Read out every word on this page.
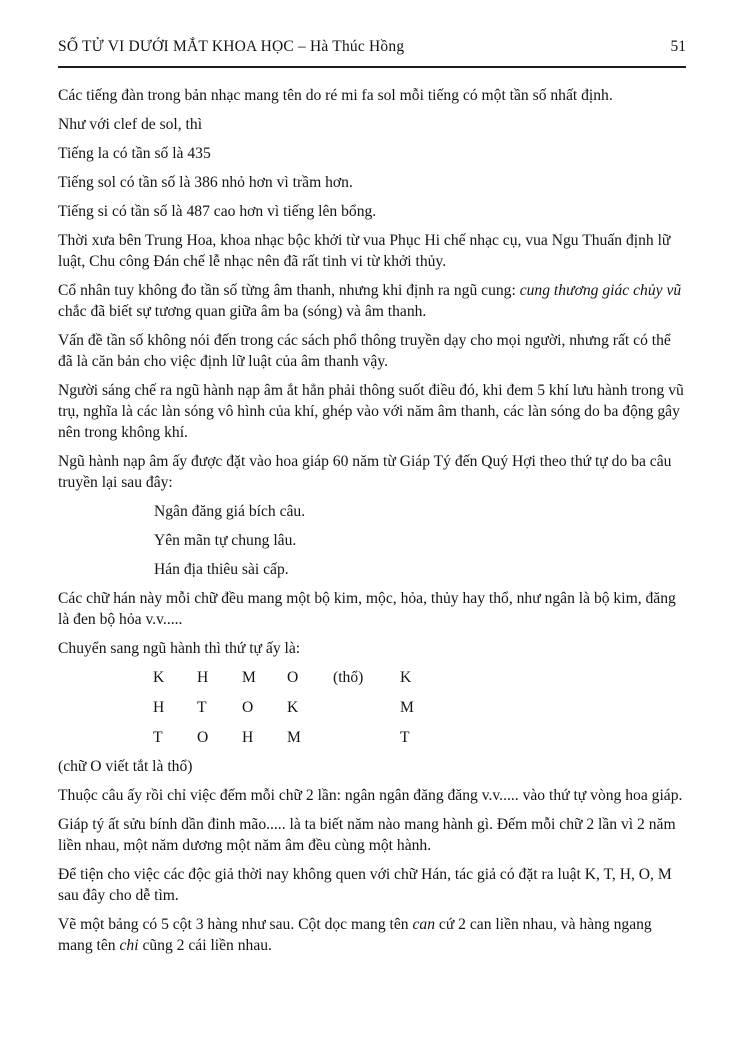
SỐ TỬ VI DƯỚI MẮT KHOA HỌC – Hà Thúc Hồng	51

Các tiếng đàn trong bản nhạc mang tên do ré mi fa sol mỗi tiếng có một tần số nhất định.

Như với clef de sol, thì

Tiếng la có tần số là 435

Tiếng sol có tần số là 386 nhỏ hơn vì trầm hơn.

Tiếng si có tần số là 487 cao hơn vì tiếng lên bổng.

Thời xưa bên Trung Hoa, khoa nhạc bộc khởi từ vua Phục Hi chế nhạc cụ, vua Ngu Thuấn định lữ luật, Chu công Đán chế lễ nhạc nên đã rất tinh vi từ khởi thủy.

Cổ nhân tuy không đo tần số từng âm thanh, nhưng khi định ra ngũ cung: cung thương giác chủy vũ chắc đã biết sự tương quan giữa âm ba (sóng) và âm thanh.

Vấn đề tần số không nói đến trong các sách phổ thông truyền dạy cho mọi người, nhưng rất có thể đã là căn bản cho việc định lữ luật của âm thanh vậy.

Người sáng chế ra ngũ hành nạp âm ắt hẳn phải thông suốt điều đó, khi đem 5 khí lưu hành trong vũ trụ, nghĩa là các làn sóng vô hình của khí, ghép vào với năm âm thanh, các làn sóng do ba động gây nên trong không khí.

Ngũ hành nạp âm ấy được đặt vào hoa giáp 60 năm từ Giáp Tý đến Quý Hợi theo thứ tự do ba câu truyền lại sau đây:

Ngân đăng giá bích câu.

Yên mãn tự chung lâu.

Hán địa thiêu sài cấp.

Các chữ hán này mỗi chữ đều mang một bộ kim, mộc, hỏa, thủy hay thổ, như ngân là bộ kim, đăng là đen bộ hỏa v.v.....

Chuyển sang ngũ hành thì thứ tự ấy là:

K H M O (thổ) K
H T O K	M
T O H M	T

(chữ O viết tắt là thổ)

Thuộc câu ấy rồi chỉ việc đếm mỗi chữ 2 lần: ngân ngân đăng đăng v.v..... vào thứ tự vòng hoa giáp.

Giáp tý ất sửu bính dần đinh mão..... là ta biết năm nào mang hành gì. Đếm mỗi chữ 2 lần vì 2 năm liền nhau, một năm dương một năm âm đều cùng một hành.

Để tiện cho việc các độc giả thời nay không quen với chữ Hán, tác giả có đặt ra luật K, T, H, O, M sau đây cho dễ tìm.

Vẽ một bảng có 5 cột 3 hàng như sau. Cột dọc mang tên can cứ 2 can liền nhau, và hàng ngang mang tên chi cũng 2 cái liền nhau.
